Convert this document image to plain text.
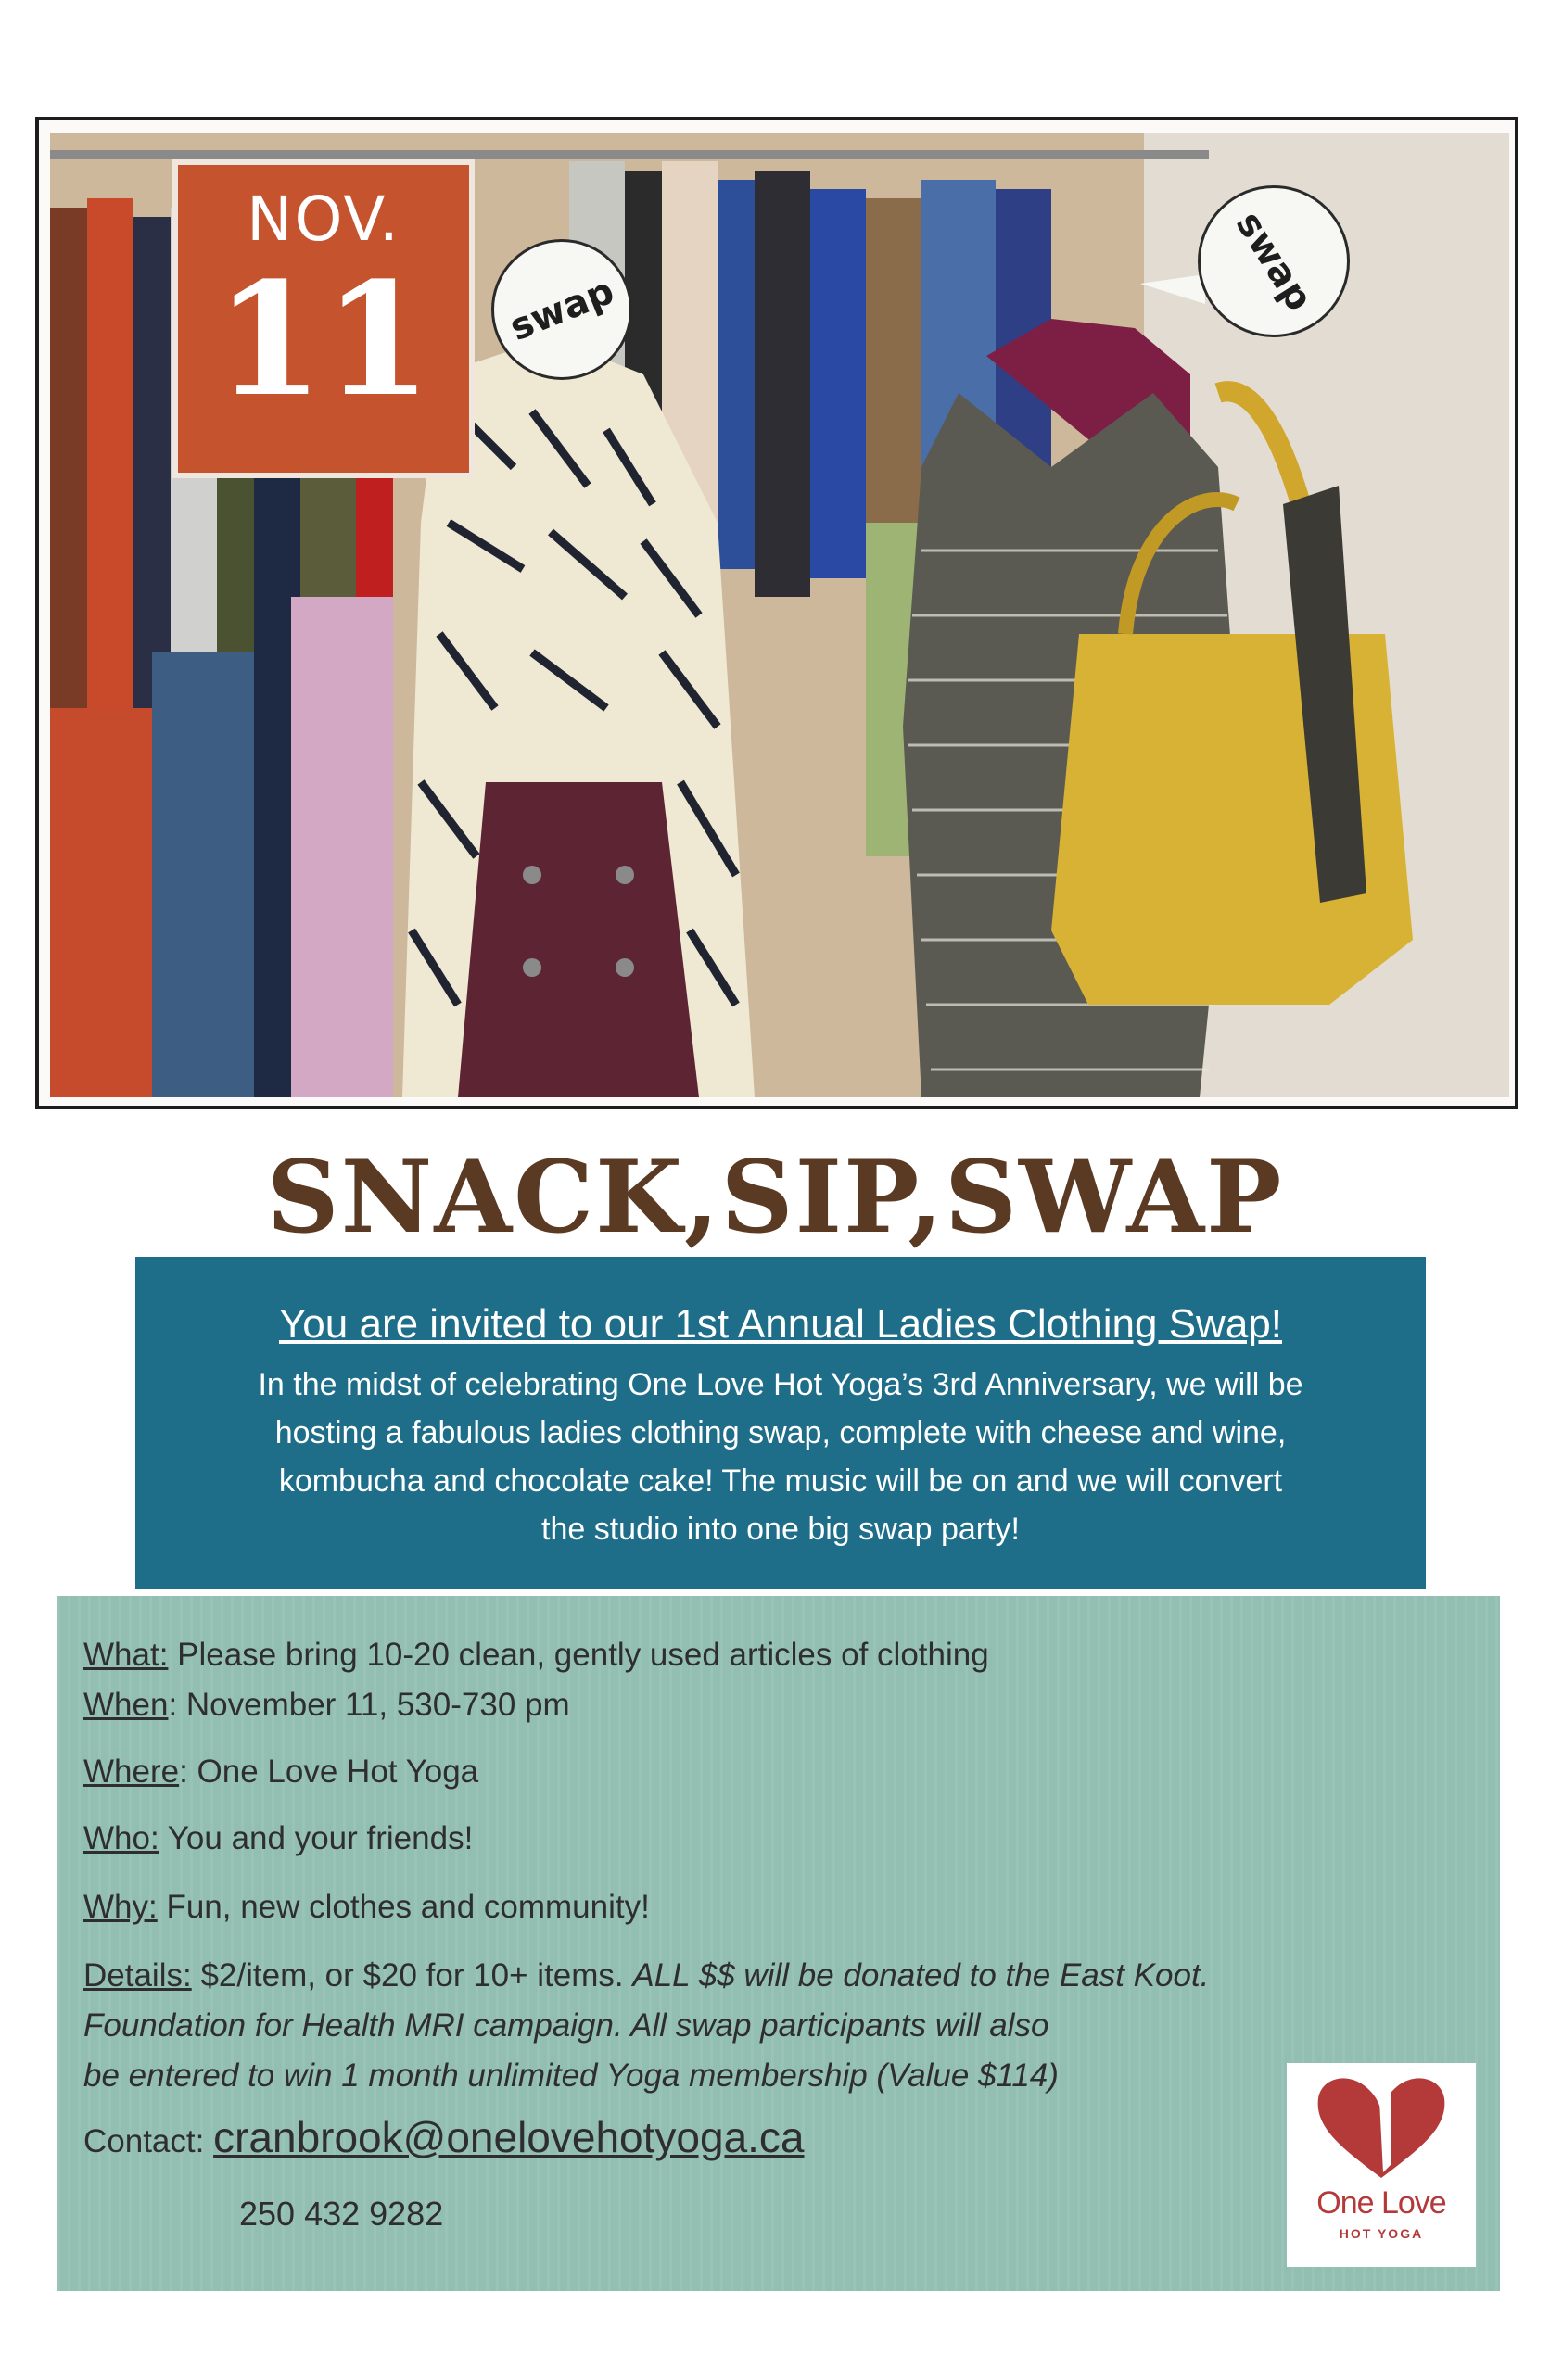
NOV.
11	swap	swap
SNACK,SIP,SWAP
You are invited to our 1st Annual Ladies Clothing Swap!
In the midst of celebrating One Love Hot Yoga’s 3rd Anniversary, we will be
hosting a fabulous ladies clothing swap, complete with cheese and wine,
kombucha and chocolate cake! The music will be on and we will convert
the studio into one big swap party!
What: Please bring 10-20 clean, gently used articles of clothing
When: November 11, 530-730 pm
Where: One Love Hot Yoga
Who: You and your friends!
Why: Fun, new clothes and community!
Details: $2/item, or $20 for 10+ items. ALL $$ will be donated to the East Koot.
Foundation for Health MRI campaign. All swap participants will also
be entered to win 1 month unlimited Yoga membership (Value $114)
Contact: cranbrook@onelovehotyoga.ca
250 432 9282	One Love
HOT YOGA
